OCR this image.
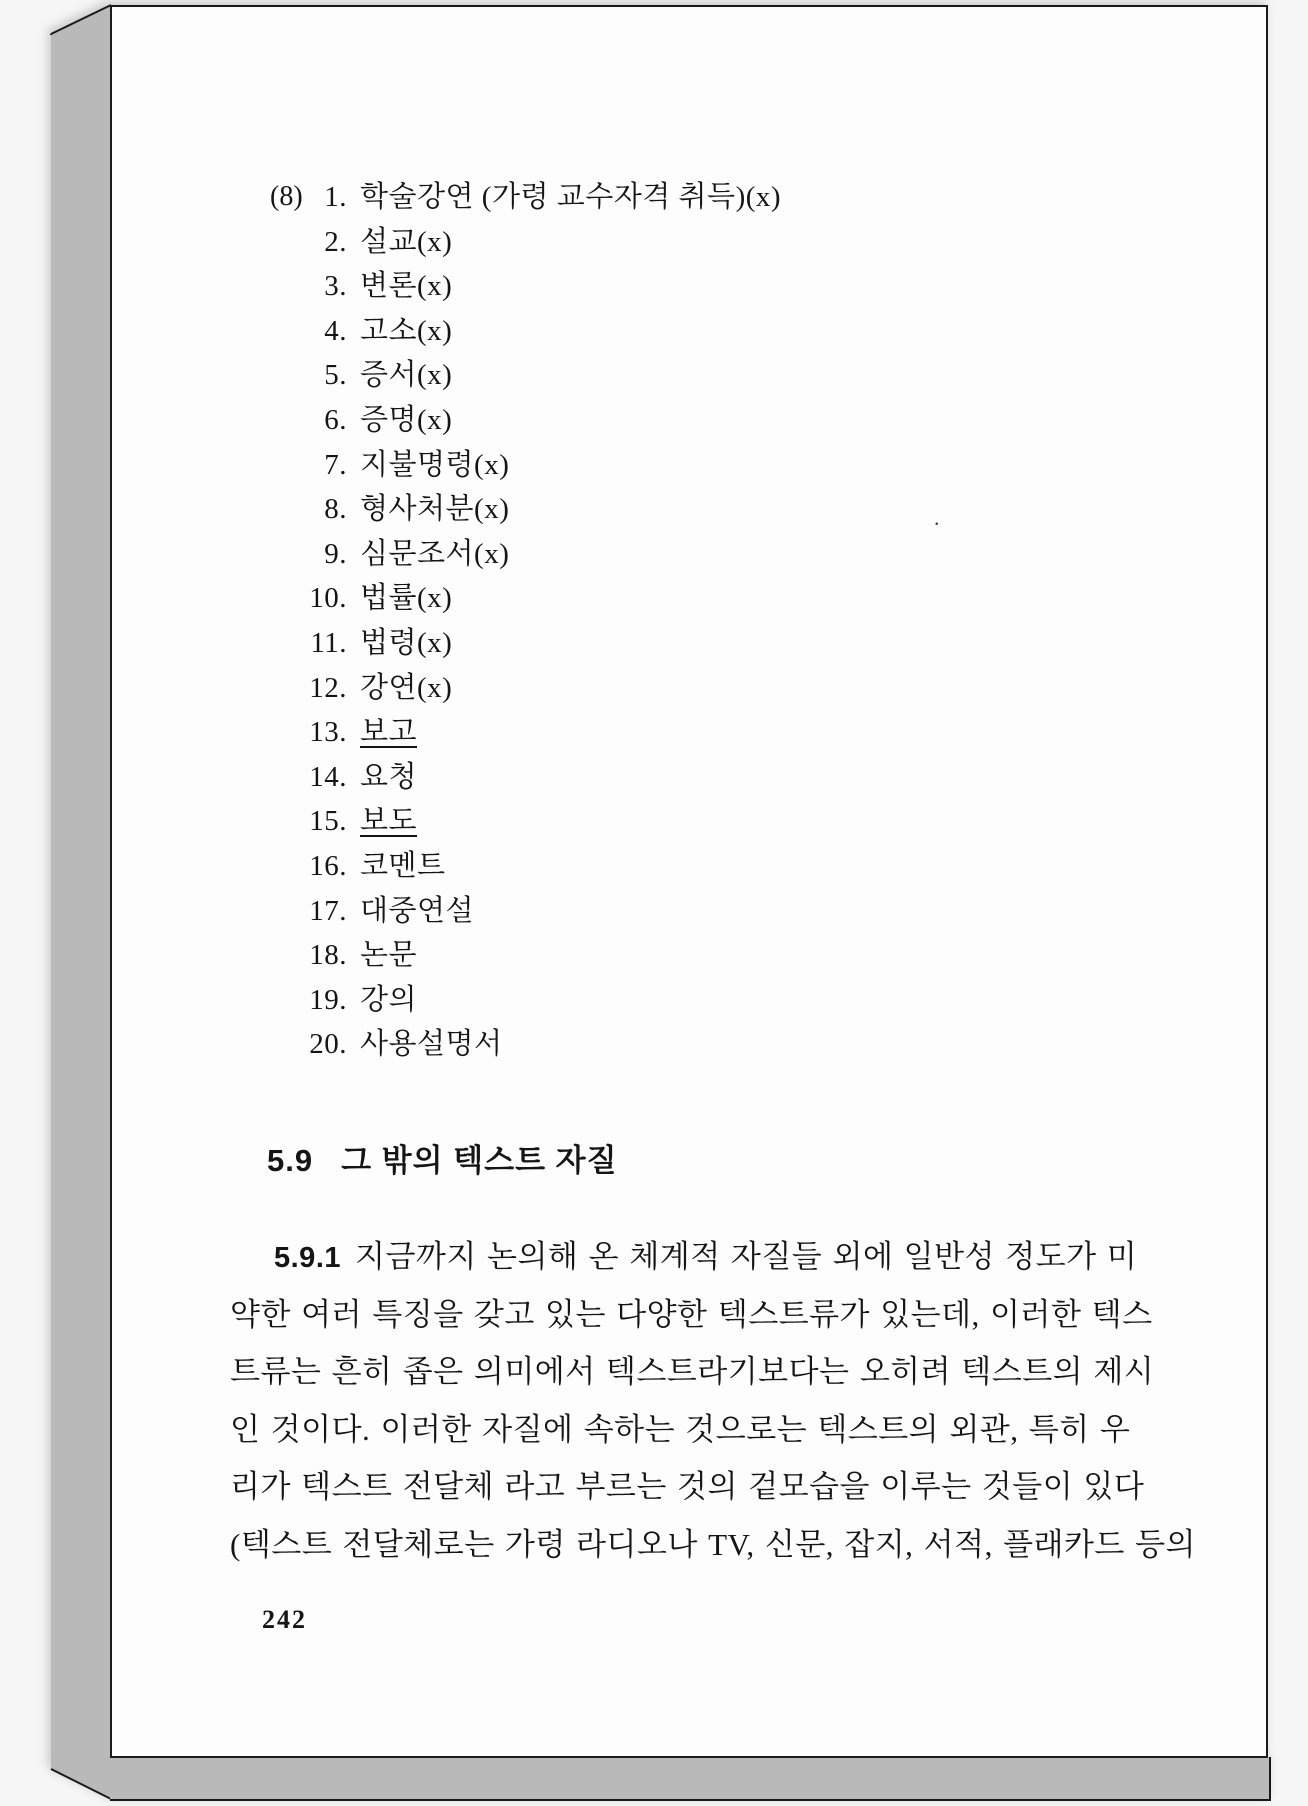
(8) 1. 학술강연 (가령 교수자격 취득)(x)
2. 설교(x)
3. 변론(x)
4. 고소(x)
5. 증서(x)
6. 증명(x)
7. 지불명령(x)
8. 형사처분(x)
9. 심문조서(x)
10. 법률(x)
11. 법령(x)
12. 강연(x)
13. 보고
14. 요청
15. 보도
16. 코멘트
17. 대중연설
18. 논문
19. 강의
20. 사용설명서
.
5.9 그 밖의 텍스트 자질
5.9.1 지금까지 논의해 온 체계적 자질들 외에 일반성 정도가 미
약한 여러 특징을 갖고 있는 다양한 텍스트류가 있는데, 이러한 텍스
트류는 흔히 좁은 의미에서 텍스트라기보다는 오히려 텍스트의 제시
인 것이다. 이러한 자질에 속하는 것으로는 텍스트의 외관, 특히 우
리가 텍스트 전달체 라고 부르는 것의 겉모습을 이루는 것들이 있다
(텍스트 전달체로는 가령 라디오나 TV, 신문, 잡지, 서적, 플래카드 등의
242
